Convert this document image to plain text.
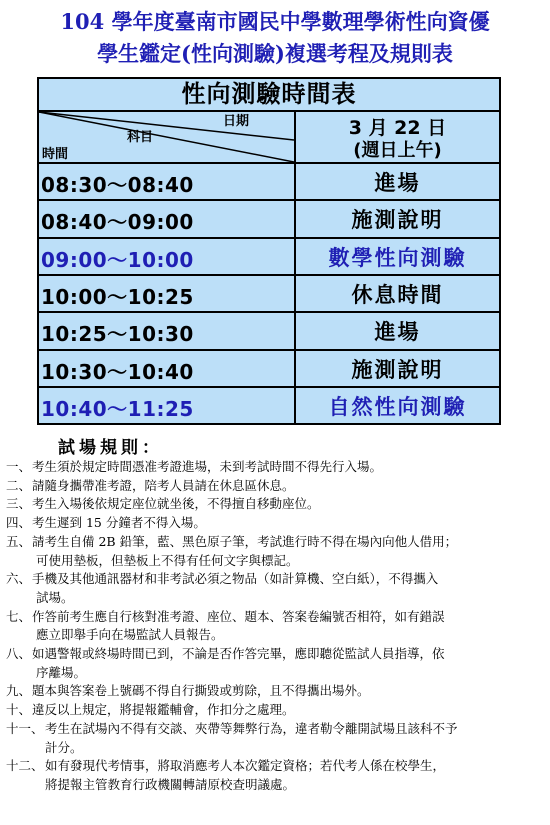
104 學年度臺南市國民中學數理學術性向資優
學生鑑定(性向測驗)複選考程及規則表
性向測驗時間表
日期
科目
時間
3 月 22 日
(週日上午)
08:30～08:40	進場
08:40～09:00	施測說明
09:00～10:00	數學性向測驗
10:00～10:25	休息時間
10:25～10:30	進場
10:30～10:40	施測說明
10:40～11:25	自然性向測驗
試場規則：
一、 考生須於規定時間憑准考證進場，未到考試時間不得先行入場。
二、 請隨身攜帶准考證，陪考人員請在休息區休息。
三、 考生入場後依規定座位就坐後，不得擅自移動座位。
四、 考生遲到 15 分鐘者不得入場。
五、 請考生自備 2B 鉛筆，藍、黑色原子筆，考試進行時不得在場內向他人借用；
可使用墊板，但墊板上不得有任何文字與標記。
六、 手機及其他通訊器材和非考試必須之物品（如計算機、空白紙），不得攜入
試場。
七、 作答前考生應自行核對准考證、座位、題本、答案卷編號否相符，如有錯誤
應立即舉手向在場監試人員報告。
八、 如遇警報或終場時間已到，不論是否作答完畢，應即聽從監試人員指導，依
序離場。
九、 題本與答案卷上號碼不得自行撕毀或剪除，且不得攜出場外。
十、 違反以上規定，將提報鑑輔會，作扣分之處理。
十一、 考生在試場內不得有交談、夾帶等舞弊行為，違者勒令離開試場且該科不予
計分。
十二、 如有發現代考情事，將取消應考人本次鑑定資格；若代考人係在校學生，
將提報主管教育行政機關轉請原校查明議處。
